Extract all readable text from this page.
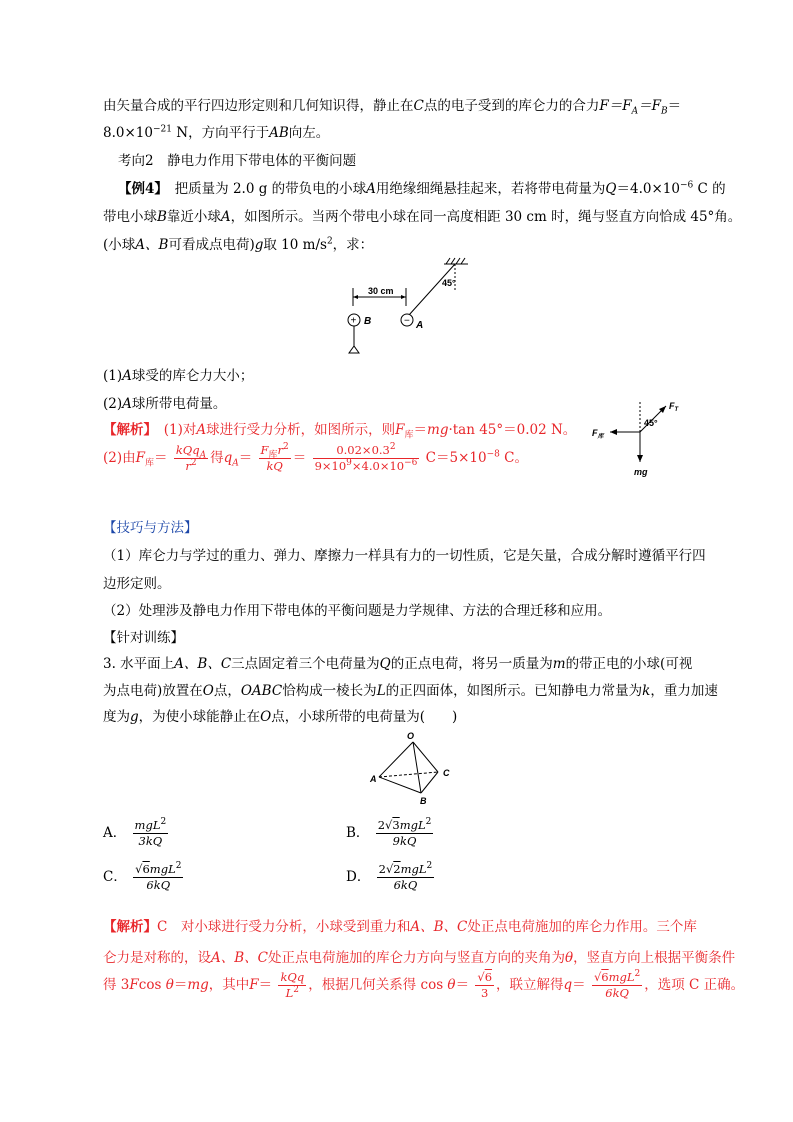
由矢量合成的平行四边形定则和几何知识得，静止在C点的电子受到的库仑力的合力$F=F_A=F_B=$
$8.0\times 10^{-21}$ N，方向平行于AB向左。
考向2　静电力作用下带电体的平衡问题
【例4】　 把质量为 2.0 g 的带负电的小球A用绝缘细绳悬挂起来，若将带电荷量为$Q=4.0\times 10^{-6}$ C 的
带电小球B靠近小球A，如图所示。当两个带电小球在同一高度相距 30 cm 时，绳与竖直方向恰成 45°角。
(小球A、B可看成点电荷)g取 10 $m/s^2$，求：
30 cm
45°
+ B	− A
(1)A球受的库仑力大小；
(2)A球所带电荷量。
【解析】　 (1)对A球进行受力分析，如图所示，则$F_库=mg\cdot\tan$ 45°＝0.02 N。
(2)由$F_库= \frac{kQq_A}{r^2}$ 得$q_A= \frac{F_库r^2}{kQ} = \frac{0.02\times 0.3^2}{9\times 10^9\times 4.0\times 10^{-6}} C=5\times 10^{-8}$ C。
$F_T$
$F_库$
45°
mg
【技巧与方法】
（1）库仑力与学过的重力、弹力、摩擦力一样具有力的一切性质，它是矢量，合成分解时遵循平行四
边形定则。
（2）处理涉及静电力作用下带电体的平衡问题是力学规律、方法的合理迁移和应用。
【针对训练】
3. 水平面上A、B、C三点固定着三个电荷量为Q的正点电荷，将另一质量为m的带正电的小球(可视
为点电荷)放置在O点，OABC恰构成一棱长为L的正四面体，如图所示。已知静电力常量为k，重力加速
度为g，为使小球能静止在O点，小球所带的电荷量为(　　)
O
A
B
C
A． $\frac{mgL^2}{3kQ}$	B． $\frac{2√3mgL^2}{9kQ}$
C． $\frac{√6mgL^2}{6kQ}$	D． $\frac{2√2mgL^2}{6kQ}$
【解析】C　对小球进行受力分析，小球受到重力和A、B、C处正点电荷施加的库仑力作用。三个库
仑力是对称的，设A、B、C处正点电荷施加的库仑力方向与竖直方向的夹角为θ，竖直方向上根据平衡条件
得 3Fcos θ＝mg，其中$F= \frac{\text{kQq}}{L^2}$ ，根据几何关系得 $\cos \theta= \frac{√6}{3}$ ，联立解得$q= \frac{√6mgL^2}{6kQ}$ ，选项 C 正确。
